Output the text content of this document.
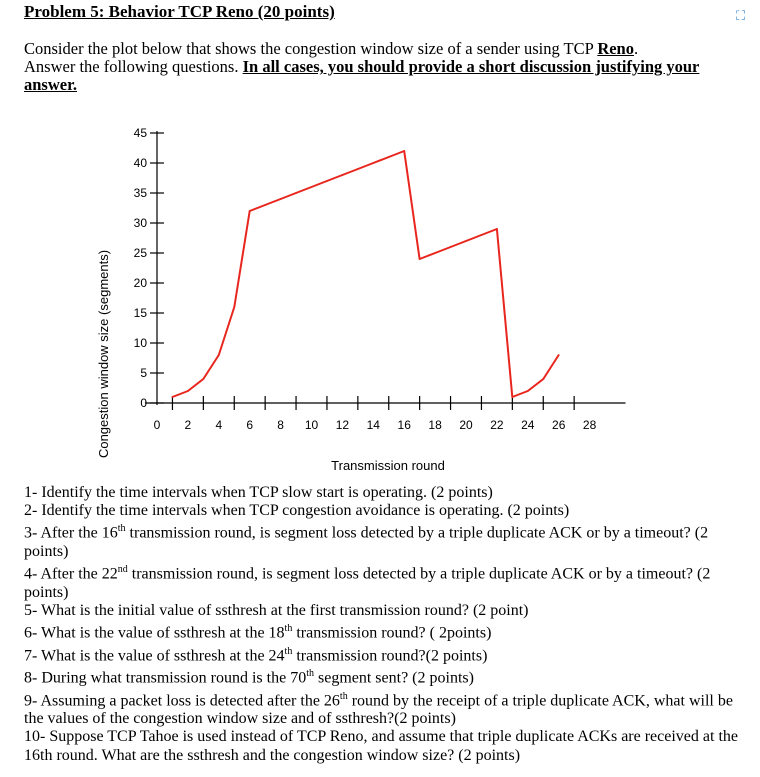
Problem 5: Behavior TCP Reno (20 points)	⛶
Consider the plot below that shows the congestion window size of a sender using TCP Reno.
Answer the following questions. In all cases, you should provide a short discussion justifying your answer.
0
5
10
15
20
25
30
35
40
45
0 2 4 6 8 10 12 14 16 18 20 22 24 26 28
Transmission round
Congestion window size (segments)

1- Identify the time intervals when TCP slow start is operating. (2 points)

2- Identify the time intervals when TCP congestion avoidance is operating. (2 points)

3- After the 16th transmission round, is segment loss detected by a triple duplicate ACK or by a timeout? (2 points)

4- After the 22nd transmission round, is segment loss detected by a triple duplicate ACK or by a timeout? (2 points)

5- What is the initial value of ssthresh at the first transmission round? (2 point)

6- What is the value of ssthresh at the 18th transmission round? ( 2points)

7- What is the value of ssthresh at the 24th transmission round?(2 points)

8- During what transmission round is the 70th segment sent? (2 points)

9- Assuming a packet loss is detected after the 26th round by the receipt of a triple duplicate ACK, what will be the values of the congestion window size and of ssthresh?(2 points)

10- Suppose TCP Tahoe is used instead of TCP Reno, and assume that triple duplicate ACKs are received at the 16th round. What are the ssthresh and the congestion window size? (2 points)
